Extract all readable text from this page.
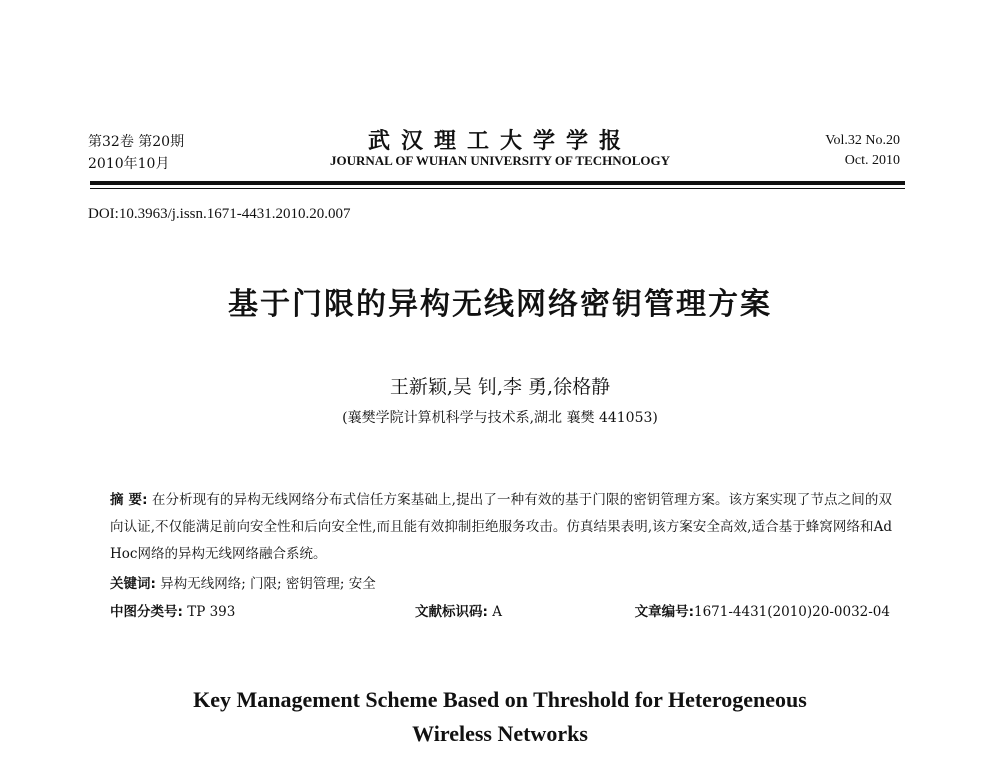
第32卷 第20期
2010年10月
武汉理工大学学报
JOURNAL OF WUHAN UNIVERSITY OF TECHNOLOGY
Vol.32 No.20
Oct. 2010
DOI:10.3963/j.issn.1671-4431.2010.20.007
基于门限的异构无线网络密钥管理方案
王新颖,吴 钊,李 勇,徐格静
(襄樊学院计算机科学与技术系,湖北 襄樊 441053)
摘 要: 在分析现有的异构无线网络分布式信任方案基础上,提出了一种有效的基于门限的密钥管理方案。该方案实现了节点之间的双向认证,不仅能满足前向安全性和后向安全性,而且能有效抑制拒绝服务攻击。仿真结果表明,该方案安全高效,适合基于蜂窝网络和Ad Hoc网络的异构无线网络融合系统。
关键词: 异构无线网络; 门限; 密钥管理; 安全
中图分类号: TP 393	文献标识码: A	文章编号:1671-4431(2010)20-0032-04
Key Management Scheme Based on Threshold for Heterogeneous
Wireless Networks
